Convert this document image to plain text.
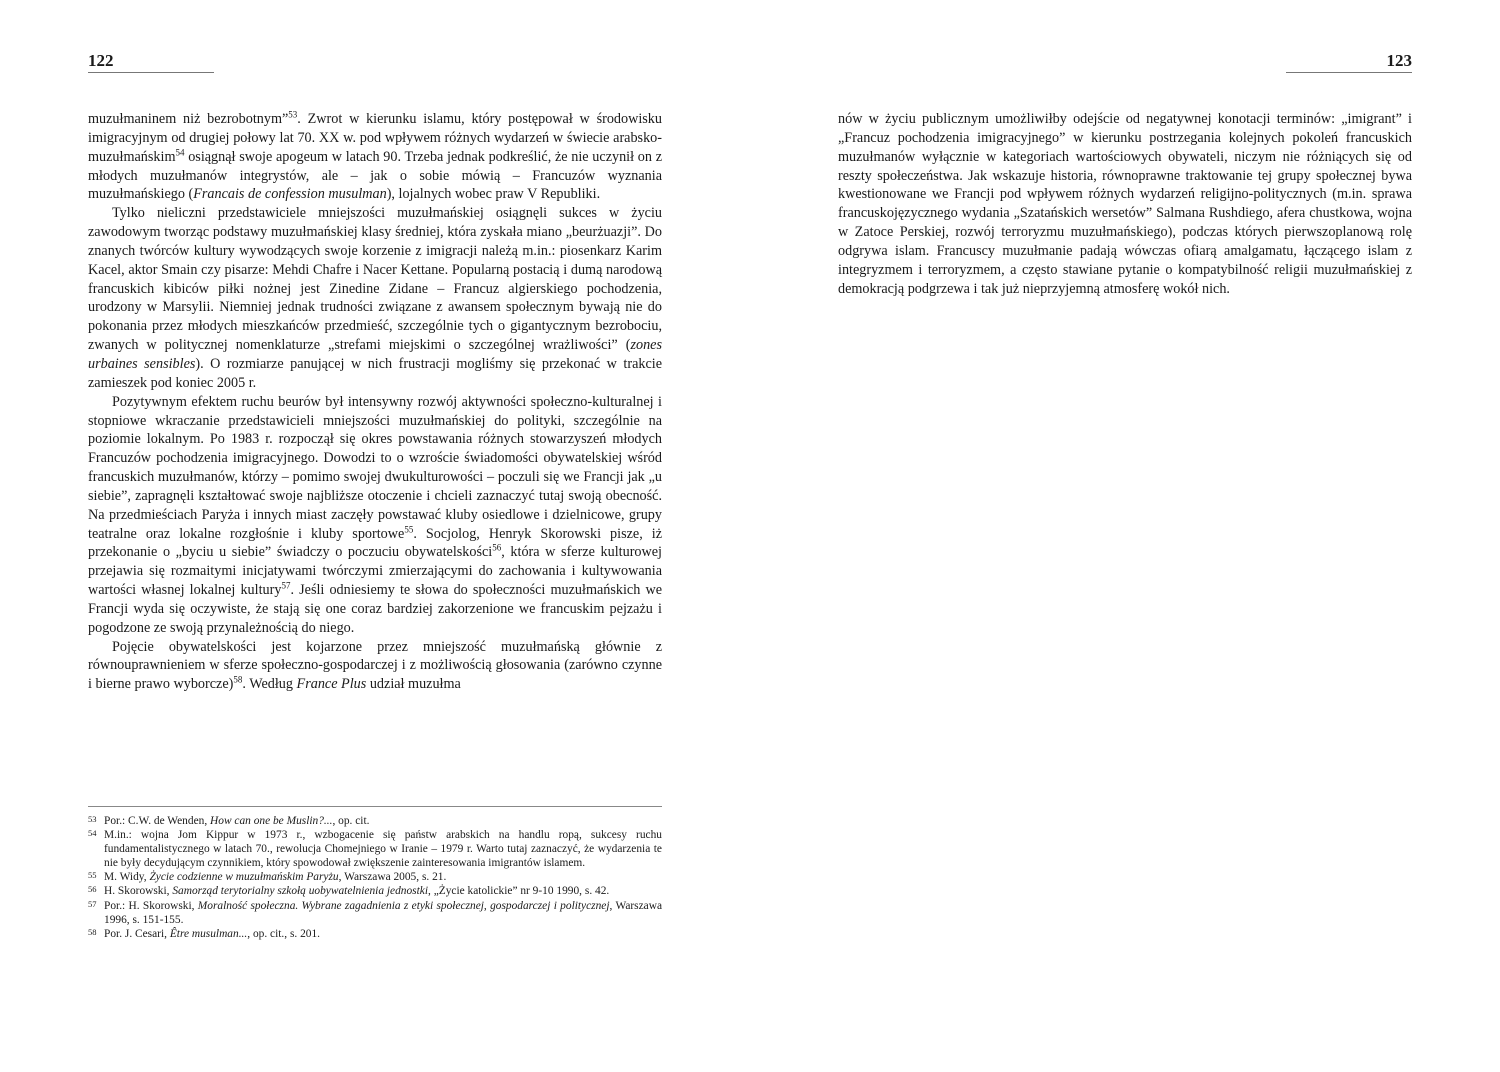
122

muzułmaninem niż bezrobotnym”$^{53}$. Zwrot w kierunku islamu, który postępował w środowisku imigracyjnym od drugiej połowy lat 70. XX w. pod wpływem różnych wydarzeń w świecie arabsko-muzułmańskim$^{54}$ osiągnął swoje apogeum w latach 90. Trzeba jednak podkreślić, że nie uczynił on z młodych muzułmanów integrystów, ale – jak o sobie mówią – Francuzów wyznania muzułmańskiego (Francais de confession musulman), lojalnych wobec praw V Republiki.

Tylko nieliczni przedstawiciele mniejszości muzułmańskiej osiągnęli sukces w życiu zawodowym tworząc podstawy muzułmańskiej klasy średniej, która zyskała miano „beurżuazji”. Do znanych twórców kultury wywodzących swoje korzenie z imigracji należą m.in.: piosenkarz Karim Kacel, aktor Smain czy pisarze: Mehdi Chafre i Nacer Kettane. Popularną postacią i dumą narodową francuskich kibiców piłki nożnej jest Zinedine Zidane – Francuz algierskiego pochodzenia, urodzony w Marsylii. Niemniej jednak trudności związane z awansem społecznym bywają nie do pokonania przez młodych mieszkańców przedmieść, szczególnie tych o gigantycznym bezrobociu, zwanych w politycznej nomenklaturze „strefami miejskimi o szczególnej wrażliwości” (zones urbaines sensibles). O rozmiarze panującej w nich frustracji mogliśmy się przekonać w trakcie zamieszek pod koniec 2005 r.

Pozytywnym efektem ruchu beurów był intensywny rozwój aktywności społeczno-kulturalnej i stopniowe wkraczanie przedstawicieli mniejszości muzułmańskiej do polityki, szczególnie na poziomie lokalnym. Po 1983 r. rozpoczął się okres powstawania różnych stowarzyszeń młodych Francuzów pochodzenia imigracyjnego. Dowodzi to o wzroście świadomości obywatelskiej wśród francuskich muzułmanów, którzy – pomimo swojej dwukulturowości – poczuli się we Francji jak „u siebie”, zapragnęli kształtować swoje najbliższe otoczenie i chcieli zaznaczyć tutaj swoją obecność. Na przedmieściach Paryża i innych miast zaczęły powstawać kluby osiedlowe i dzielnicowe, grupy teatralne oraz lokalne rozgłośnie i kluby sportowe$^{55}$. Socjolog, Henryk Skorowski pisze, iż przekonanie o „byciu u siebie” świadczy o poczuciu obywatelskości$^{56}$, która w sferze kulturowej przejawia się rozmaitymi inicjatywami twórczymi zmierzającymi do zachowania i kultywowania wartości własnej lokalnej kultury$^{57}$. Jeśli odniesiemy te słowa do społeczności muzułmańskich we Francji wyda się oczywiste, że stają się one coraz bardziej zakorzenione we francuskim pejzażu i pogodzone ze swoją przynależnością do niego.

Pojęcie obywatelskości jest kojarzone przez mniejszość muzułmańską głównie z równouprawnieniem w sferze społeczno-gospodarczej i z możliwością głosowania (zarówno czynne i bierne prawo wyborcze)$^{58}$. Według France Plus udział muzułma

53 Por.: C.W. de Wenden, How can one be Muslin?..., op. cit.
54 M.in.: wojna Jom Kippur w 1973 r., wzbogacenie się państw arabskich na handlu ropą, sukcesy ruchu fundamentalistycznego w latach 70., rewolucja Chomejniego w Iranie – 1979 r. Warto tutaj zaznaczyć, że wydarzenia te nie były decydującym czynnikiem, który spowodował zwiększenie zainteresowania imigrantów islamem.
55 M. Widy, Życie codzienne w muzułmańskim Paryżu, Warszawa 2005, s. 21.
56 H. Skorowski, Samorząd terytorialny szkołą uobywatelnienia jednostki, „Życie katolickie” nr 9-10 1990, s. 42.
57 Por.: H. Skorowski, Moralność społeczna. Wybrane zagadnienia z etyki społecznej, gospodarczej i politycznej, Warszawa 1996, s. 151-155.
58 Por. J. Cesari, Être musulman..., op. cit., s. 201.
123

nów w życiu publicznym umożliwiłby odejście od negatywnej konotacji terminów: „imigrant” i „Francuz pochodzenia imigracyjnego” w kierunku postrzegania kolejnych pokoleń francuskich muzułmanów wyłącznie w kategoriach wartościowych obywateli, niczym nie różniących się od reszty społeczeństwa. Jak wskazuje historia, równoprawne traktowanie tej grupy społecznej bywa kwestionowane we Francji pod wpływem różnych wydarzeń religijno-politycznych (m.in. sprawa francuskojęzycznego wydania „Szatańskich wersetów” Salmana Rushdiego, afera chustkowa, wojna w Zatoce Perskiej, rozwój terroryzmu muzułmańskiego), podczas których pierwszoplanową rolę odgrywa islam. Francuscy muzułmanie padają wówczas ofiarą amalgamatu, łączącego islam z integryzmem i terroryzmem, a często stawiane pytanie o kompatybilność religii muzułmańskiej z demokracją podgrzewa i tak już nieprzyjemną atmosferę wokół nich.
